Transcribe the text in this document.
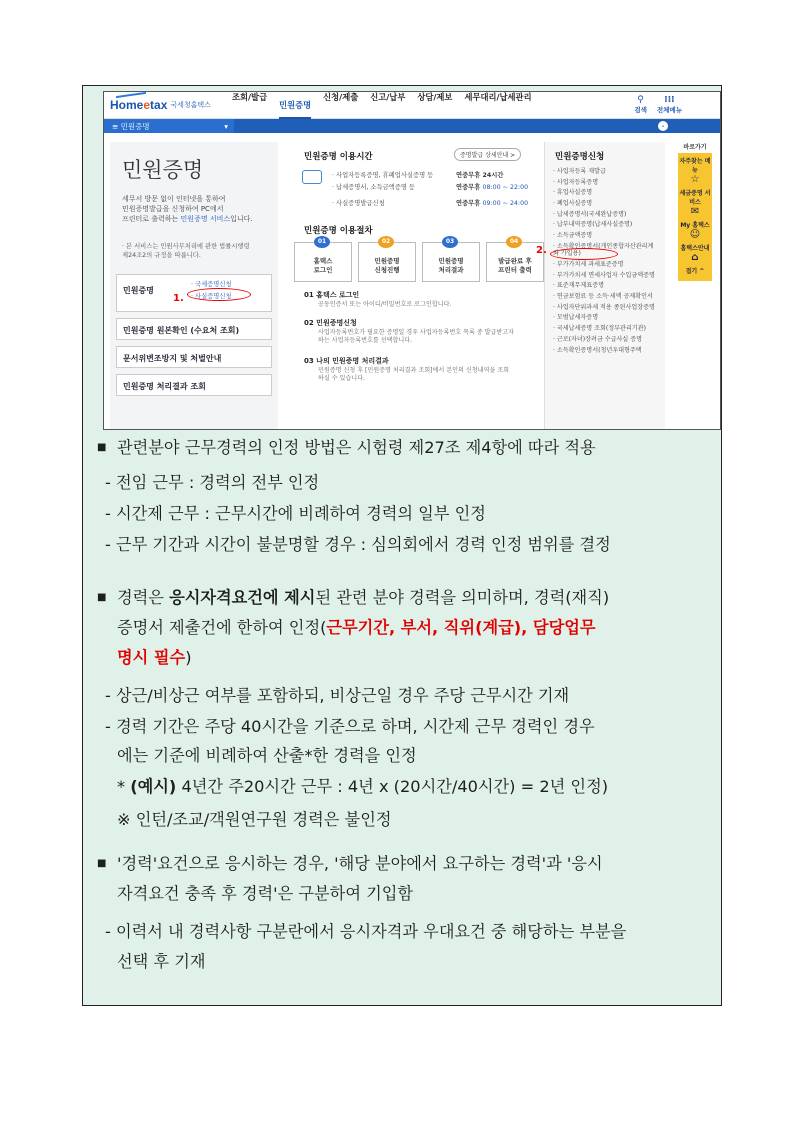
Homeetax 국세청홈택스
조회/발급
민원증명
신청/제출 신고/납부 상담/제보 세무대리/납세관리	⚲
검색
⁞⁞⁞
전체메뉴
≡ 민원증명	▾	⌄
민원증명
세무서 방문 없이 인터넷을 통하여
민원증명발급을 신청하여 PC에서
프린터로 출력하는 민원증명 서비스입니다.
· 본 서비스는 민원사무처리에 관한 법률시행령
제24조2의 규정을 따릅니다.
민원증명
· 국세증명신청
· 사실증명신청
1.
민원증명 원본확인 (수요처 조회)
문서위변조방지 및 처벌안내
민원증명 처리결과 조회
민원증명 이용시간	증명발급 상세안내 >
· 사업자등록증명, 휴폐업사실증명 등	연중무휴 24시간
· 납세증명서, 소득금액증명 등	연중무휴 08:00 ~ 22:00
· 사실증명발급신청	연중무휴 09:00 ~ 24:00
민원증명 이용절차
01
홈택스
로그인
02
민원증명
신청진행
03
민원증명
처리결과
04
발급완료 후
프린터 출력
01 홈택스 로그인
공동인증서 또는 아이디/비밀번호로 로그인합니다.
02 민원증명신청
사업자등록번호가 필요한 증명일 경우 사업자등록번호 목록 중 발급받고자
하는 사업자등록번호를 선택합니다.
03 나의 민원증명 처리결과
민원증명 신청 후 [민원증명 처리결과 조회]에서 본인의 신청내역을 조회
하실 수 있습니다.
민원증명신청
· 사업자등록 재발급
· 사업자등록증명
· 휴업사실증명
· 폐업사실증명
· 납세증명서(국세완납증명)
· 납부내역증명(납세사실증명)
· 소득금액증명
· 소득확인증명서(개인종합자산관리계좌 가입용)
· 부가가치세 과세표준증명
· 부가가치세 면세사업자 수입금액증명
· 표준재무제표증명
· 연금보험료 등 소득·세액 공제확인서
· 사업자단위과세 적용 종된사업장증명
· 모범납세자증명
· 국세납세증명 조회(정부관리기관)
· 근로(자녀)장려금 수급사실 증명
· 소득확인증명서(청년우대형주택
2.
바로가기
자주찾는 메뉴
☆
세금증명 서비스
✉
My 홈택스
☺
홈택스안내
⌂
접기 ^
■ 관련분야 근무경력의 인정 방법은 시험령 제27조 제4항에 따라 적용
- 전임 근무 : 경력의 전부 인정
- 시간제 근무 : 근무시간에 비례하여 경력의 일부 인정
- 근무 기간과 시간이 불분명할 경우 : 심의회에서 경력 인정 범위를 결정
■ 경력은 응시자격요건에 제시된 관련 분야 경력을 의미하며, 경력(재직)
증명서 제출건에 한하여 인정(근무기간, 부서, 직위(계급), 담당업무
명시 필수)
- 상근/비상근 여부를 포함하되, 비상근일 경우 주당 근무시간 기재
- 경력 기간은 주당 40시간을 기준으로 하며, 시간제 근무 경력인 경우
에는 기준에 비례하여 산출*한 경력을 인정
* (예시) 4년간 주20시간 근무 : 4년 x (20시간/40시간) = 2년 인정)
※ 인턴/조교/객원연구원 경력은 불인정
■ '경력'요건으로 응시하는 경우, '해당 분야에서 요구하는 경력'과 '응시
자격요건 충족 후 경력'은 구분하여 기입함
- 이력서 내 경력사항 구분란에서 응시자격과 우대요건 중 해당하는 부분을
선택 후 기재
